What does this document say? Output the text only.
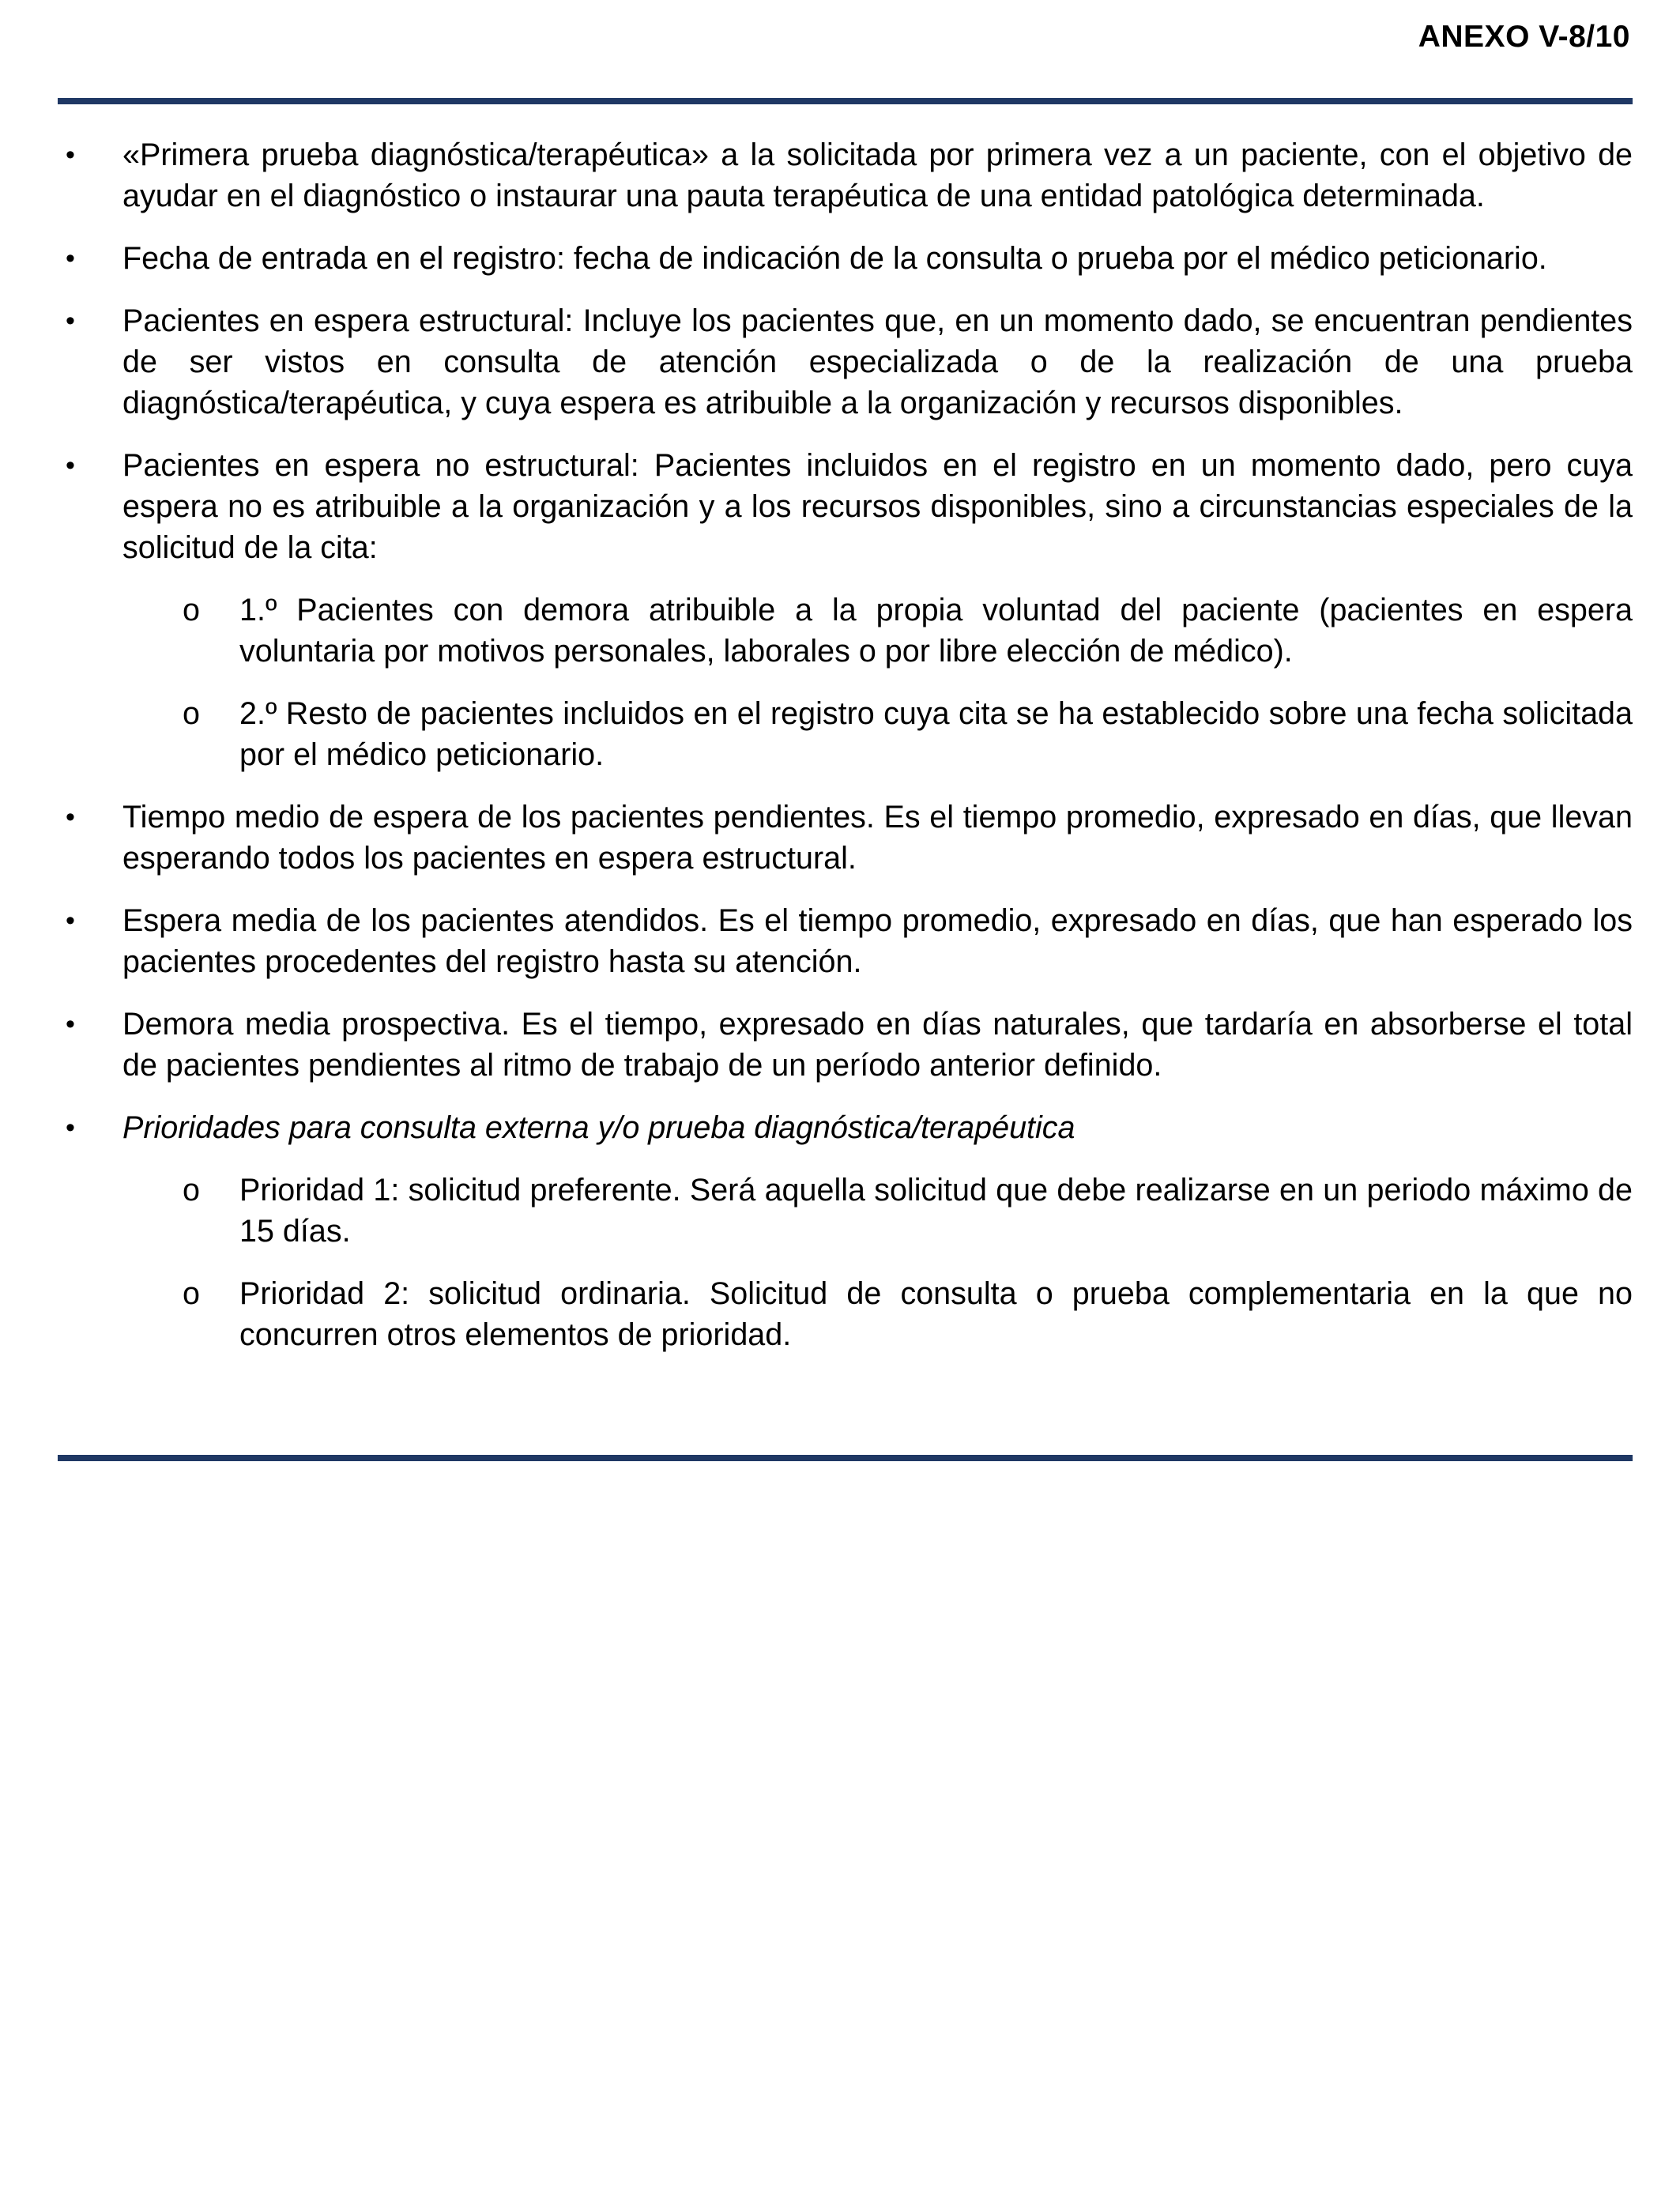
ANEXO V-8/10
• «Primera prueba diagnóstica/terapéutica» a la solicitada por primera vez a un paciente, con el objetivo de ayudar en el diagnóstico o instaurar una pauta terapéutica de una entidad patológica determinada.
• Fecha de entrada en el registro: fecha de indicación de la consulta o prueba por el médico peticionario.
• Pacientes en espera estructural: Incluye los pacientes que, en un momento dado, se encuentran pendientes de ser vistos en consulta de atención especializada o de la realización de una prueba diagnóstica/terapéutica, y cuya espera es atribuible a la organización y recursos disponibles.
• Pacientes en espera no estructural: Pacientes incluidos en el registro en un momento dado, pero cuya espera no es atribuible a la organización y a los recursos disponibles, sino a circunstancias especiales de la solicitud de la cita:
o 1.º Pacientes con demora atribuible a la propia voluntad del paciente (pacientes en espera voluntaria por motivos personales, laborales o por libre elección de médico).
o 2.º Resto de pacientes incluidos en el registro cuya cita se ha establecido sobre una fecha solicitada por el médico peticionario.
• Tiempo medio de espera de los pacientes pendientes. Es el tiempo promedio, expresado en días, que llevan esperando todos los pacientes en espera estructural.
• Espera media de los pacientes atendidos. Es el tiempo promedio, expresado en días, que han esperado los pacientes procedentes del registro hasta su atención.
• Demora media prospectiva. Es el tiempo, expresado en días naturales, que tardaría en absorberse el total de pacientes pendientes al ritmo de trabajo de un período anterior definido.
• Prioridades para consulta externa y/o prueba diagnóstica/terapéutica
o Prioridad 1: solicitud preferente. Será aquella solicitud que debe realizarse en un periodo máximo de 15 días.
o Prioridad 2: solicitud ordinaria. Solicitud de consulta o prueba complementaria en la que no concurren otros elementos de prioridad.
